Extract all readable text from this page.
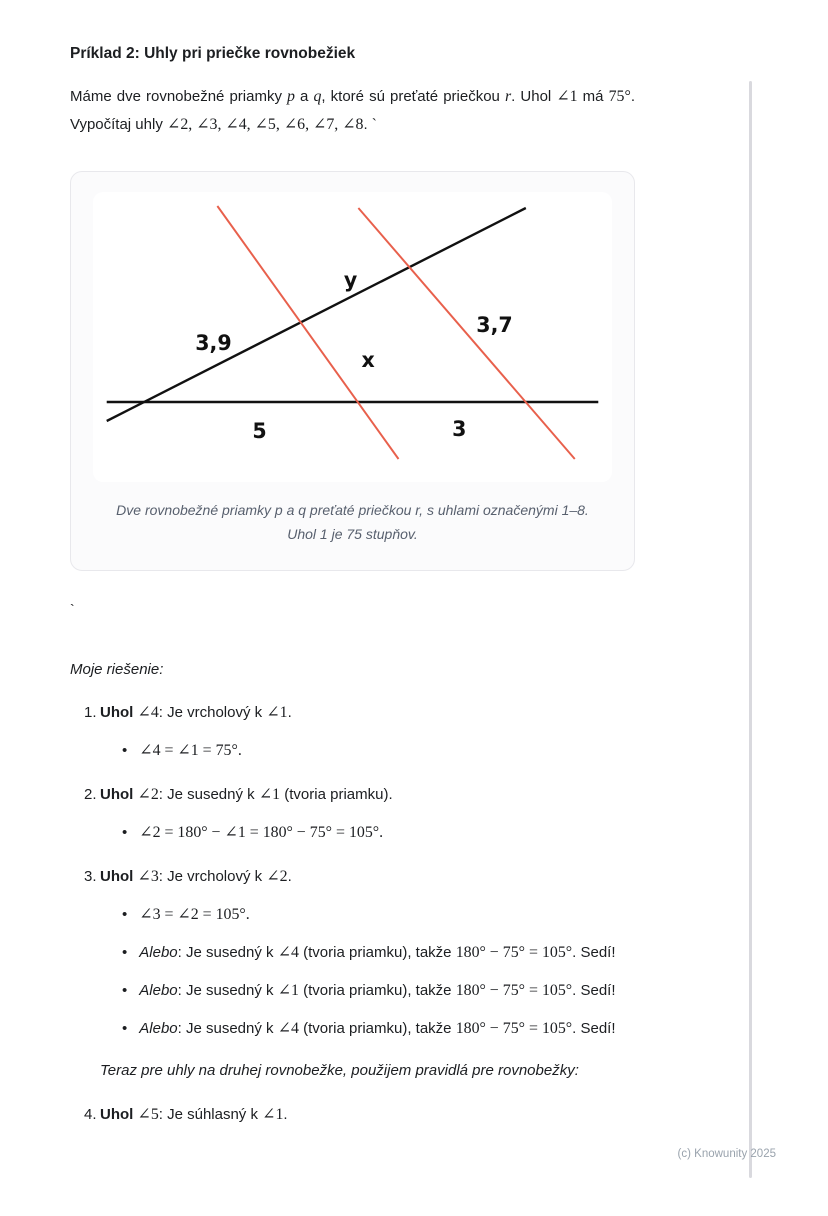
Príklad 2: Uhly pri priečke rovnobežiek

Máme dve rovnobežné priamky p a q, ktoré sú preťaté priečkou r. Uhol ∠1 má 75°. Vypočítaj uhly ∠2, ∠3, ∠4, ∠5, ∠6, ∠7, ∠8. `

y
3,7
3,9
x
5	3
Dve rovnobežné priamky p a q preťaté priečkou r, s uhlami označenými 1–8.
Uhol 1 je 75 stupňov.
`
Moje riešenie:
1. Uhol ∠4: Je vrcholový k ∠1.
• ∠4 = ∠1 = 75°.
2. Uhol ∠2: Je susedný k ∠1 (tvoria priamku).
• ∠2 = 180° − ∠1 = 180° − 75° = 105°.
3. Uhol ∠3: Je vrcholový k ∠2.
• ∠3 = ∠2 = 105°.
• Alebo: Je susedný k ∠4 (tvoria priamku), takže 180° − 75° = 105°. Sedí!
• Alebo: Je susedný k ∠1 (tvoria priamku), takže 180° − 75° = 105°. Sedí!
• Alebo: Je susedný k ∠4 (tvoria priamku), takže 180° − 75° = 105°. Sedí!
Teraz pre uhly na druhej rovnobežke, použijem pravidlá pre rovnobežky:
4. Uhol ∠5: Je súhlasný k ∠1.
(c) Knowunity 2025
